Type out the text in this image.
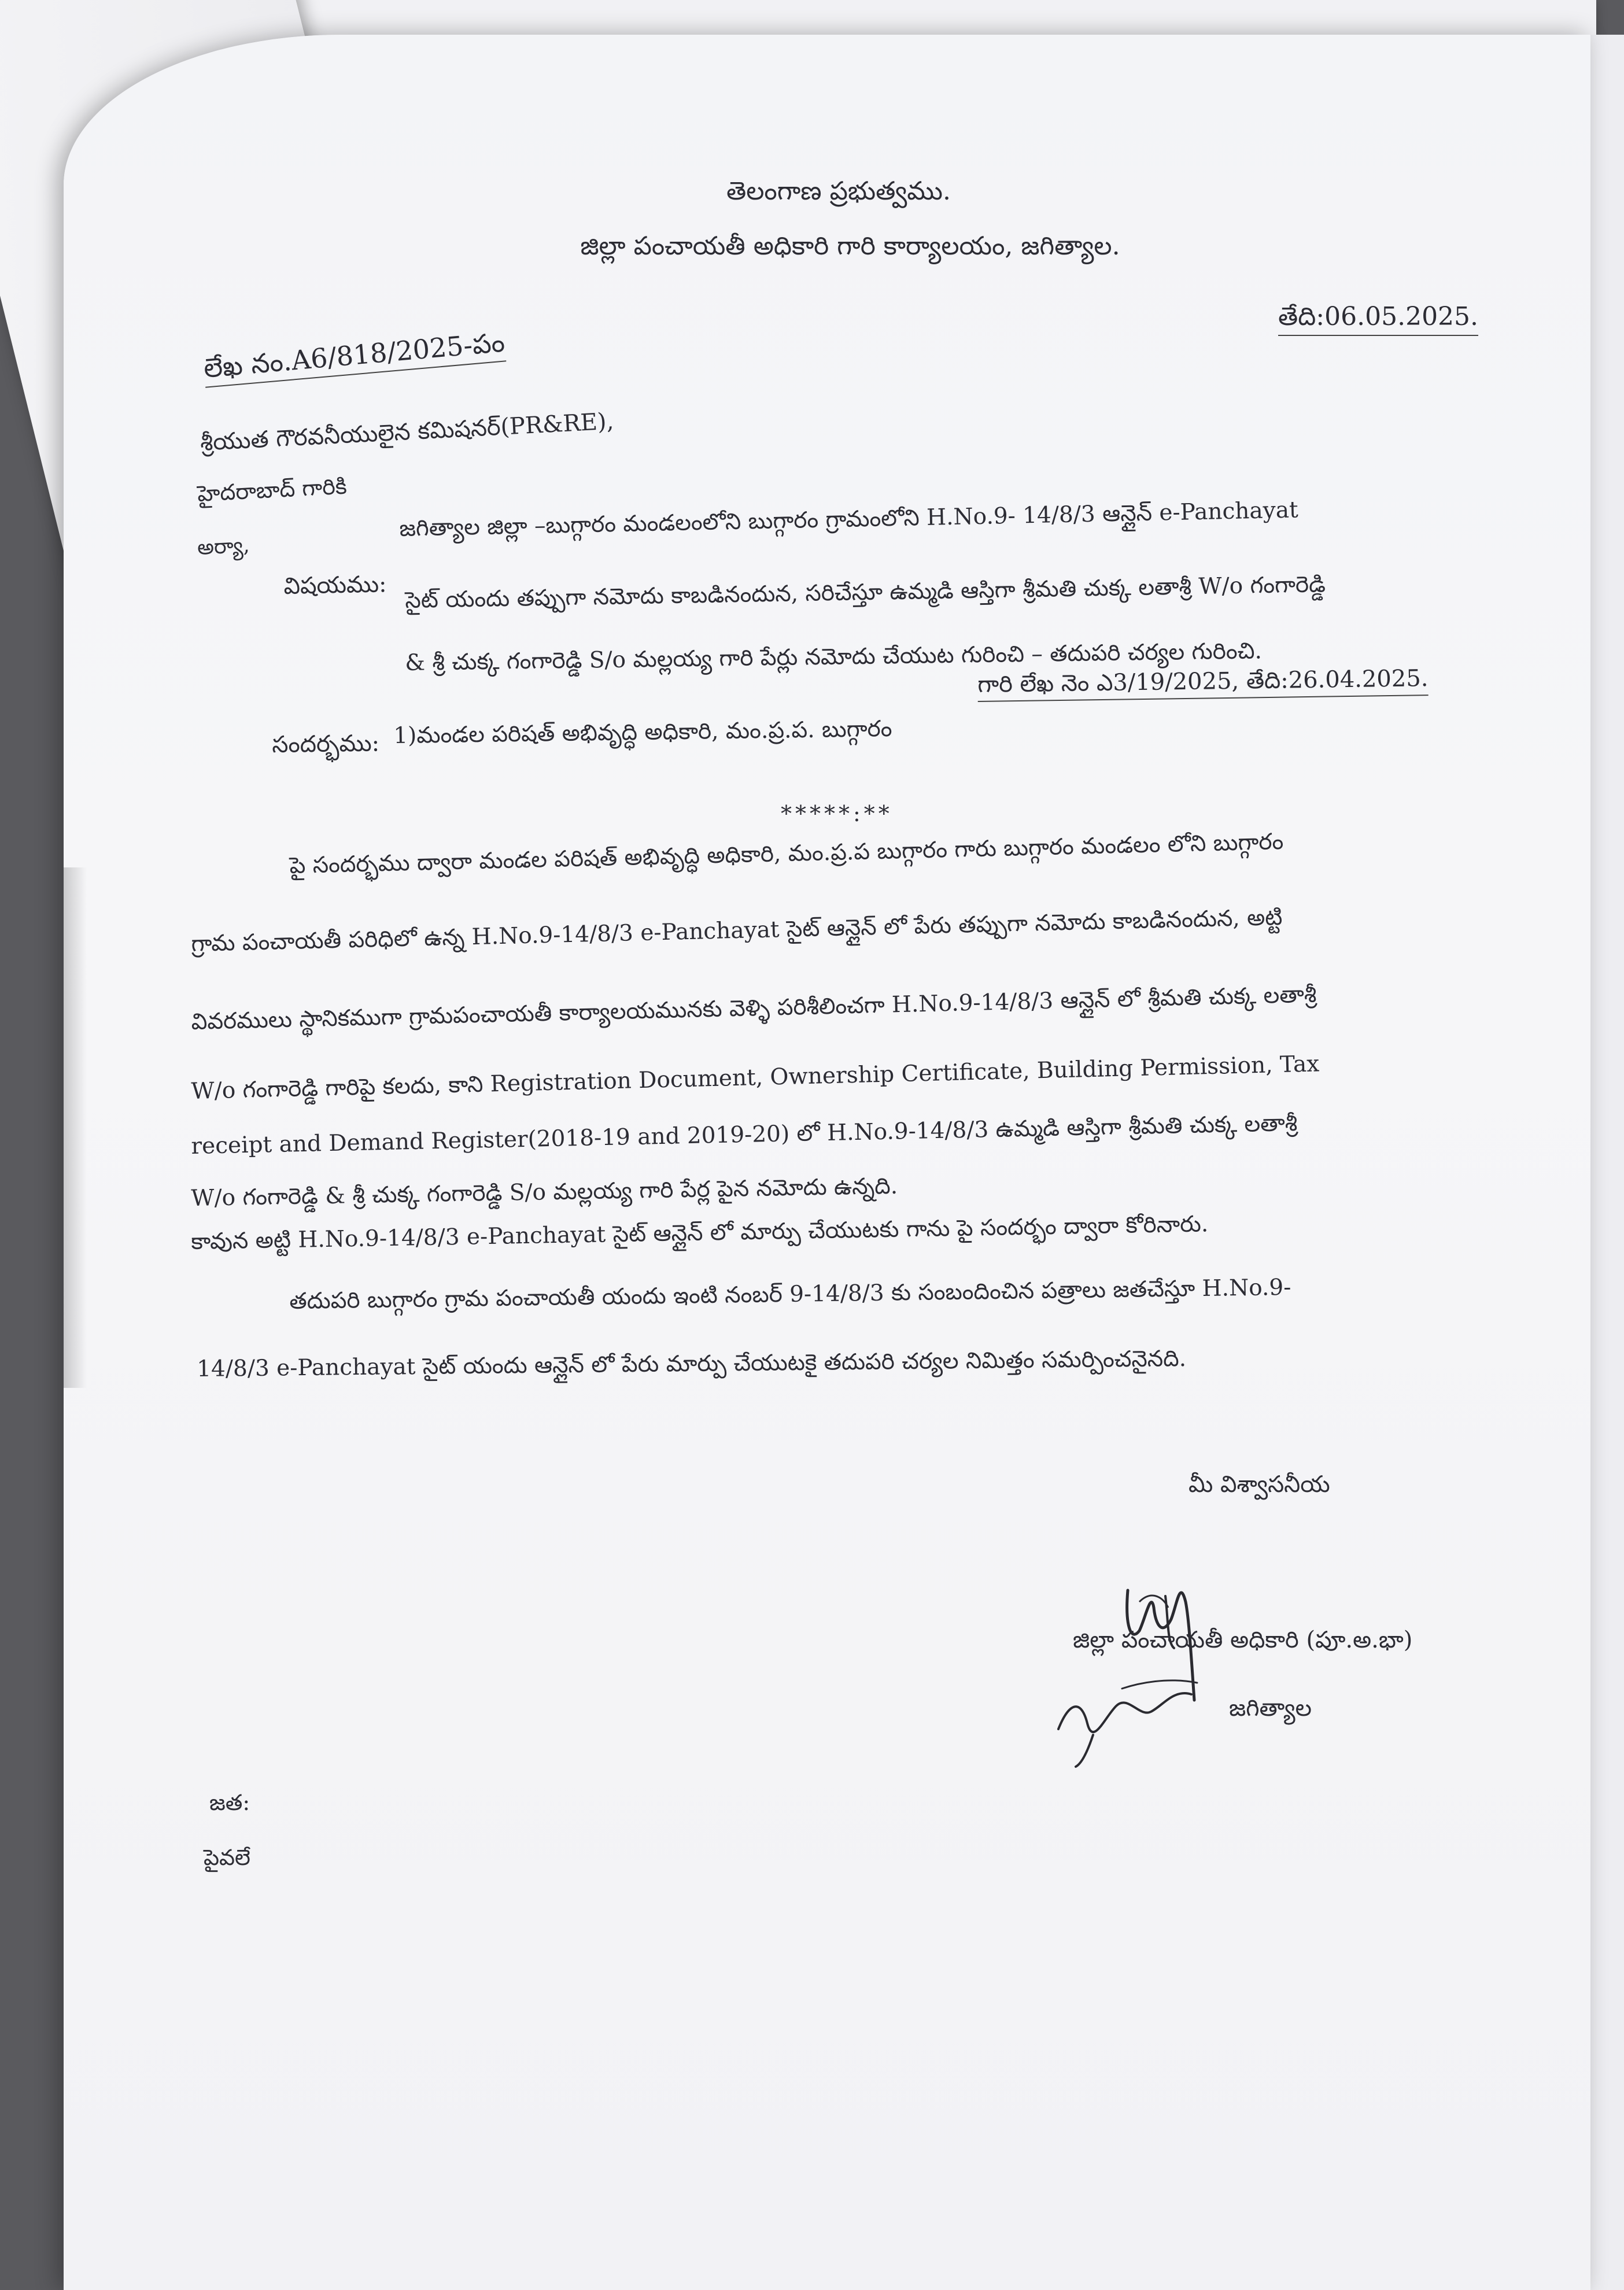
తెలంగాణ ప్రభుత్వము.
జిల్లా పంచాయతీ అధికారి గారి కార్యాలయం, జగిత్యాల.
తేది:06.05.2025.
లేఖ నం.A6/818/2025-పం
శ్రీయుత గౌరవనీయులైన కమిషనర్(PR&RE),
హైదరాబాద్ గారికి
అర్యా,
విషయము:
జగిత్యాల జిల్లా –బుగ్గారం మండలంలోని బుగ్గారం గ్రామంలోని H.No.9- 14/8/3 ఆన్లైన్ e-Panchayat
సైట్ యందు తప్పుగా నమోదు కాబడినందున, సరిచేస్తూ ఉమ్మడి ఆస్తిగా శ్రీమతి చుక్క లతాశ్రీ W/o గంగారెడ్డి
& శ్రీ చుక్క గంగారెడ్డి S/o మల్లయ్య గారి పేర్లు నమోదు చేయుట గురించి – తదుపరి చర్యల గురించి.
సందర్భము: 1)మండల పరిషత్ అభివృద్ధి అధికారి, మం.ప్ర.ప. బుగ్గారం
గారి లేఖ నెం ఎ3/19/2025, తేది:26.04.2025.
*****:**
పై సందర్భము ద్వారా మండల పరిషత్ అభివృద్ధి అధికారి, మం.ప్ర.ప బుగ్గారం గారు బుగ్గారం మండలం లోని బుగ్గారం
గ్రామ పంచాయతీ పరిధిలో ఉన్న H.No.9-14/8/3 e-Panchayat సైట్ ఆన్లైన్ లో పేరు తప్పుగా నమోదు కాబడినందున, అట్టి
వివరములు స్థానికముగా గ్రామపంచాయతీ కార్యాలయమునకు వెళ్ళి పరిశీలించగా H.No.9-14/8/3 ఆన్లైన్ లో శ్రీమతి చుక్క లతాశ్రీ
W/o గంగారెడ్డి గారిపై కలదు, కాని Registration Document, Ownership Certificate, Building Permission, Tax
receipt and Demand Register(2018-19 and 2019-20) లో H.No.9-14/8/3 ఉమ్మడి ఆస్తిగా శ్రీమతి చుక్క లతాశ్రీ
W/o గంగారెడ్డి & శ్రీ చుక్క గంగారెడ్డి S/o మల్లయ్య గారి పేర్ల పైన నమోదు ఉన్నది.
కావున అట్టి H.No.9-14/8/3 e-Panchayat సైట్ ఆన్లైన్ లో మార్పు చేయుటకు గాను పై సందర్భం ద్వారా కోరినారు.
తదుపరి బుగ్గారం గ్రామ పంచాయతీ యందు ఇంటి నంబర్ 9-14/8/3 కు సంబందించిన పత్రాలు జతచేస్తూ H.No.9-
14/8/3 e-Panchayat సైట్ యందు ఆన్లైన్ లో పేరు మార్పు చేయుటకై తదుపరి చర్యల నిమిత్తం సమర్పించనైనది.
మీ విశ్వాసనీయ
జిల్లా పంచాయతీ అధికారి (పూ.అ.భా)
జగిత్యాల
జత:
పైవలే
